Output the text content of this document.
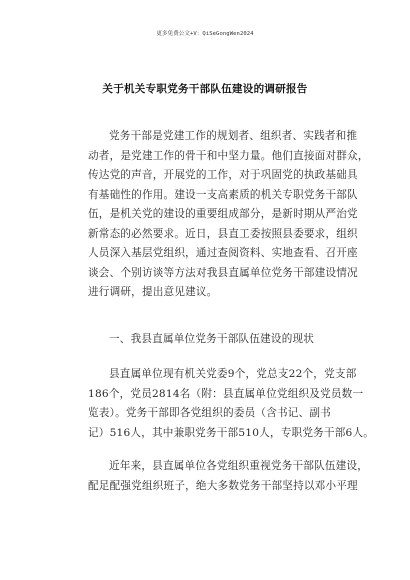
更多免费公文+V：QiSeGongWen2024
关于机关专职党务干部队伍建设的调研报告
党务干部是党建工作的规划者、组织者、实践者和推
动者，是党建工作的骨干和中坚力量。他们直接面对群众，
传达党的声音，开展党的工作，对于巩固党的执政基础具
有基础性的作用。建设一支高素质的机关专职党务干部队
伍，是机关党的建设的重要组成部分，是新时期从严治党
新常态的必然要求。近日，县直工委按照县委要求，组织
人员深入基层党组织，通过查阅资料、实地查看、召开座
谈会、个别访谈等方法对我县直属单位党务干部建设情况
进行调研，提出意见建议。
一、我县直属单位党务干部队伍建设的现状
县直属单位现有机关党委9个，党总支22个，党支部
186个，党员2814名（附：县直属单位党组织及党员数一
览表）。党务干部即各党组织的委员（含书记、副书
记）516人，其中兼职党务干部510人，专职党务干部6人。
近年来，县直属单位各党组织重视党务干部队伍建设，
配足配强党组织班子，绝大多数党务干部坚持以邓小平理
